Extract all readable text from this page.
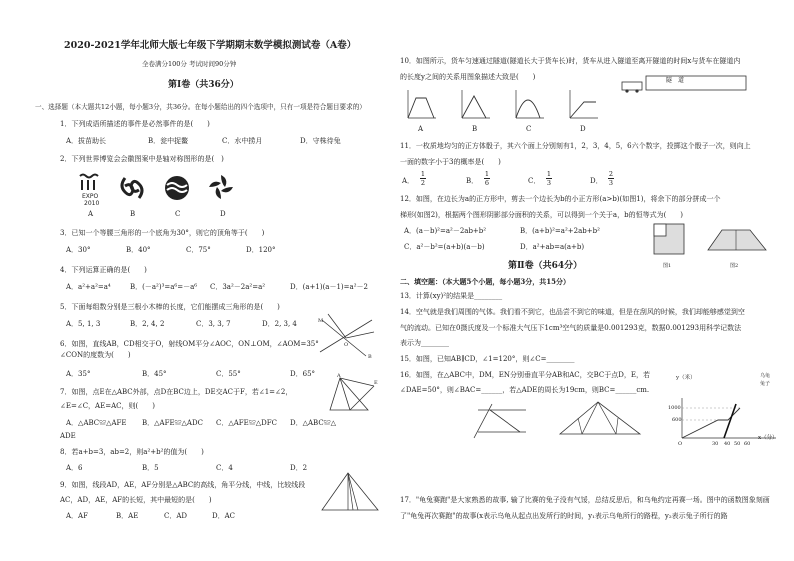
2020-2021学年北师大版七年级下学期期末数学模拟测试卷（A卷）
全卷满分100分 考试时间90分钟
第Ⅰ卷（共36分）
一、选择题（本大题共12小题，每小题3分，共36分。在每小题给出的四个选项中，只有一项是符合题目要求的）
1．下列成语所描述的事件是必然事件的是(　　)
A．拔苗助长	B．瓮中捉鳖	C．水中捞月	D．守株待兔
2．下列世界博览会会徽图案中是轴对称图形的是(　)
EXPO
2010
A	B	C	D
3．已知一个等腰三角形的一个底角为30°，则它的顶角等于(　　)
A．30°	B．40°	C．75°	D．120°
4．下列运算正确的是(　　)
A．a²+a²=a⁴	B．(－a²)³=a⁶=－a⁶ C．3a²－2a²=a²	D．(a+1)(a－1)=a²－2
5．下面每组数分别是三根小木棒的长度，它们能摆成三角形的是(　　)
A．5, 1, 3	B．2, 4, 2	C．3, 3, 7	D．2, 3, 4	M
O
B
6．如图，直线AB，CD相交于O，射线OM平分∠AOC，ON⊥OM，∠AOM=35°
∠CON的度数为(　　)
A．35°	B．45°	C．55°	D．65°	A
E
7．如图，点E在△ABC外部，点D在BC边上，DE交AC于F，若∠1=∠2，
∠E=∠C，AE=AC，则(　　)
A．△ABC≌△AFE B．△AFE≌△ADC C．△AFE≌△DFC D．△ABC≌△
ADE
8．若a+b=3，ab=2，则a²+b²的值为(　　)
A．6	B．5	C．4	D．2
9．如图，线段AD，AE，AF分别是△ABC的高线，角平分线，中线，比较线段
AC，AD，AE，AF的长短，其中最短的是(　　)
A．AF	B．AE	C．AD	D．AC
10．如图所示，货车匀速通过隧道(隧道长大于货车长)时，货车从进入隧道至离开隧道的时间x与货车在隧道内
的长度y之间的关系用图象描述大致是(　　)	隧　道
A	B	C	D
11．一枚质地均匀的正方体骰子，其六个面上分别刻有1，2，3，4，5，6六个数字，投掷这个骰子一次，则向上
一面的数字小于3的概率是(　　)
A． $\frac{1}{2}$	B． $\frac{1}{6}$	C． $\frac{1}{3}$	D． $\frac{2}{3}$
12．如图，在边长为a的正方形中，剪去一个边长为b的小正方形(a>b)(如图1)，将余下的部分拼成一个
梯形(如图2)，根据两个图形阴影部分面积的关系，可以得到一个关于a，b的恒等式为(　　)
A．(a－b)²=a²－2ab+b²	B．(a+b)²=a²+2ab+b²
C．a²－b²=(a+b)(a－b)	D．a²+ab=a(a+b)
图1	图2
第Ⅱ卷（共64分）
二、填空题：（本大题5个小题，每小题3分，共15分）
13．计算(xy)²的结果是________
14．空气就是我们周围的气体。我们看不到它，也品尝不到它的味道，但是在刮风的时候，我们却能够感觉到空
气的流动。已知在0摄氏度及一个标准大气压下1cm³空气的质量是0.001293克，数据0.001293用科学记数法
表示为________
15．如图，已知AB∥CD，∠1=120°，则∠C=________
16．如图，在△ABC中，DM，EN分别垂直平分AB和AC，交BC于点D，E，若
∠DAE=50°，则∠BAC=______，若△ADE的周长为19cm，则BC=______cm.
y（米）
x（分）
乌龟
兔子
1000
600
O	30 40 50 60
17．"龟兔赛跑"是大家熟悉的故事, 输了比赛的兔子没有气馁，总结反思后，和乌龟约定再赛一场。图中的函数图象刻画
了"龟兔再次赛跑"的故事(x表示乌龟从起点出发所行的时间，y₁表示乌龟所行的路程，y₂表示兔子所行的路
